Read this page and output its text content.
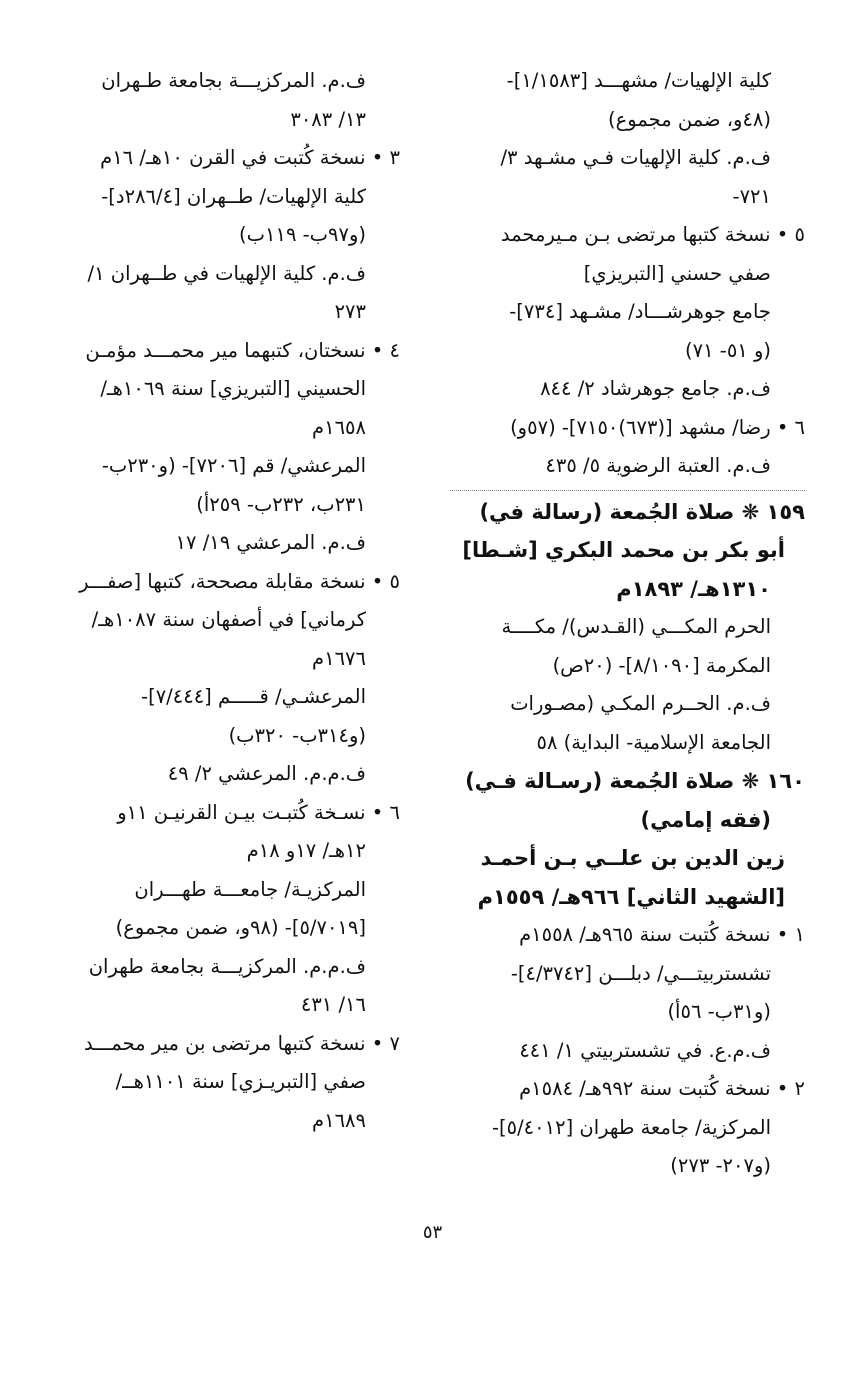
كلية الإلهيات/ مشهـــد [١/١٥٨٣]-

(٤٨و، ضمن مجموع)

ف.م. كلية الإلهيات فـي مشـهد ٣/

٧٢١-

٥ • نسخة كتبها مرتضى بـن مـيرمحمد

صفي حسني [التبريزي]

جامع جوهرشـــاد/ مشـهد [٧٣٤]-

(و ٥١- ٧١)

ف.م. جامع جوهرشاد ٢/ ٨٤٤

٦ • رضا/ مشهد [(٦٧٣)٧١٥٠]- (٥٧و)

ف.م. العتبة الرضوية ٥/ ٤٣٥

١٥٩ ❋ صلاة الجُمعة (رسالة في)

أبو بكر بن محمد البكري [شـطا]

١٣١٠هـ/ ١٨٩٣م

الحرم المكـــي (القـدس)/ مكــــة

المكرمة [٨/١٠٩٠]- (٢٠ص)

ف.م. الحــرم المكـي (مصـورات

الجامعة الإسلامية- البداية) ٥٨

١٦٠ ❋ صلاة الجُمعة (رسـالة فـي)

(فقه إمامي)

زين الدين بن علــي بـن أحمـد

[الشهيد الثاني] ٩٦٦هـ/ ١٥٥٩م

١ • نسخة كُتبت سنة ٩٦٥هـ/ ١٥٥٨م

تشستربيتـــي/ دبلـــن [٤/٣٧٤٢]-

(و٣١ب- ٥٦أ)

ف.م.ع. في تشستربيتي ١/ ٤٤١

٢ • نسخة كُتبت سنة ٩٩٢هـ/ ١٥٨٤م

المركزية/ جامعة طهران [٥/٤٠١٢]-

(و٢٠٧- ٢٧٣)

ف.م. المركزيـــة بجامعة طـهران

١٣/ ٣٠٨٣

٣ • نسخة كُتبت في القرن ١٠هـ/ ١٦م

كلية الإلهيات/ طــهران [٢٨٦/٤د]-

(و٩٧ب- ١١٩ب)

ف.م. كلية الإلهيات في طــهران ١/

٢٧٣

٤ • نسختان، كتبهما مير محمـــد مؤمـن

الحسيني [التبريزي] سنة ١٠٦٩هـ/

١٦٥٨م

المرعشي/ قم [٧٢٠٦]- (و٢٣٠ب-

٢٣١ب، ٢٣٢ب- ٢٥٩أ)

ف.م. المرعشي ١٩/ ١٧

٥ • نسخة مقابلة مصححة، كتبها [صفـــر

كرماني] في أصفهان سنة ١٠٨٧هـ/

١٦٧٦م

المرعشـي/ قـــــم [٧/٤٤٤]-

(و٣١٤ب- ٣٢٠ب)

ف.م.م. المرعشي ٢/ ٤٩

٦ • نسـخة كُتبـت بيـن القرنيـن ١١و

١٢هـ/ ١٧و ١٨م

المركزيـة/ جامعـــة طهـــران

[٥/٧٠١٩]- (٩٨و، ضمن مجموع)

ف.م.م. المركزيـــة بجامعة طهران

١٦/ ٤٣١

٧ • نسخة كتبها مرتضى بن مير محمـــد

صفي [التبريـزي] سنة ١١٠١هــ/

١٦٨٩م

٥٣
